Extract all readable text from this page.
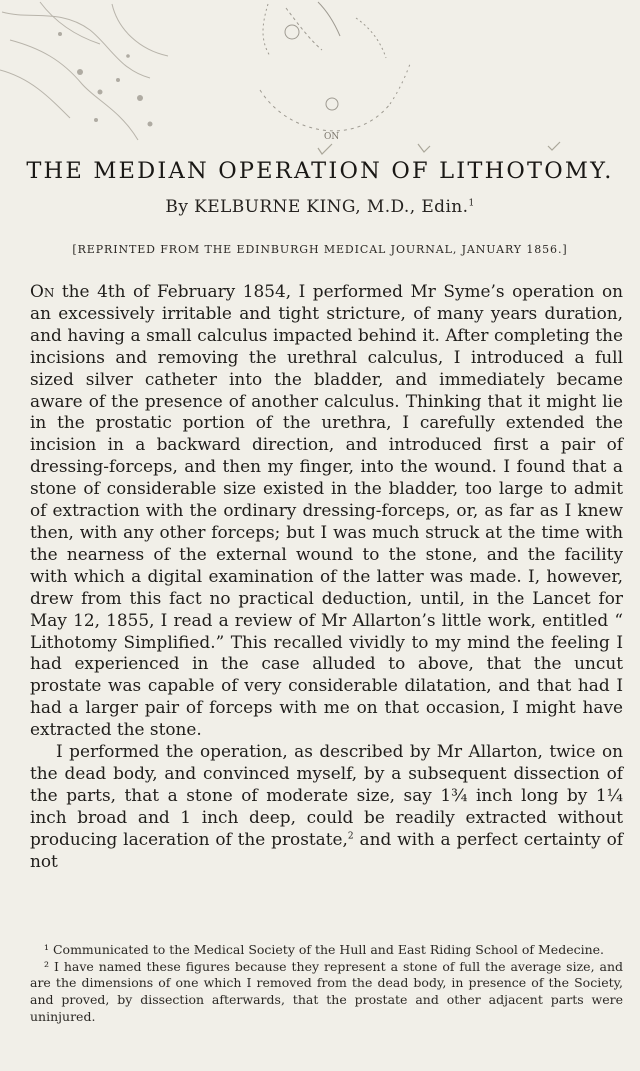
ON
THE MEDIAN OPERATION OF LITHOTOMY.
By KELBURNE KING, M.D., Edin.$^1$
[REPRINTED FROM THE EDINBURGH MEDICAL JOURNAL, JANUARY 1856.]

On the 4th of February 1854, I performed Mr Syme’s operation on an excessively irritable and tight stricture, of many years duration, and having a small calculus impacted behind it. After completing the incisions and removing the urethral calculus, I introduced a full sized silver catheter into the bladder, and immediately became aware of the presence of another calculus. Thinking that it might lie in the prostatic portion of the urethra, I carefully extended the incision in a backward direction, and introduced first a pair of dressing-forceps, and then my finger, into the wound. I found that a stone of considerable size existed in the bladder, too large to admit of extraction with the ordinary dressing-forceps, or, as far as I knew then, with any other forceps; but I was much struck at the time with the nearness of the external wound to the stone, and the facility with which a digital examination of the latter was made. I, however, drew from this fact no practical deduction, until, in the Lancet for May 12, 1855, I read a review of Mr Allarton’s little work, entitled “ Lithotomy Simplified.” This recalled vividly to my mind the feeling I had experienced in the case alluded to above, that the uncut prostate was capable of very considerable dilatation, and that had I had a larger pair of forceps with me on that occasion, I might have extracted the stone.

I performed the operation, as described by Mr Allarton, twice on the dead body, and convinced myself, by a subsequent dissection of the parts, that a stone of moderate size, say 1¾ inch long by 1¼ inch broad and 1 inch deep, could be readily extracted without producing laceration of the prostate,$^2$ and with a perfect certainty of not

¹ Communicated to the Medical Society of the Hull and East Riding School of Medecine.

² I have named these figures because they represent a stone of full the average size, and are the dimensions of one which I removed from the dead body, in presence of the Society, and proved, by dissection afterwards, that the prostate and other adjacent parts were uninjured.
